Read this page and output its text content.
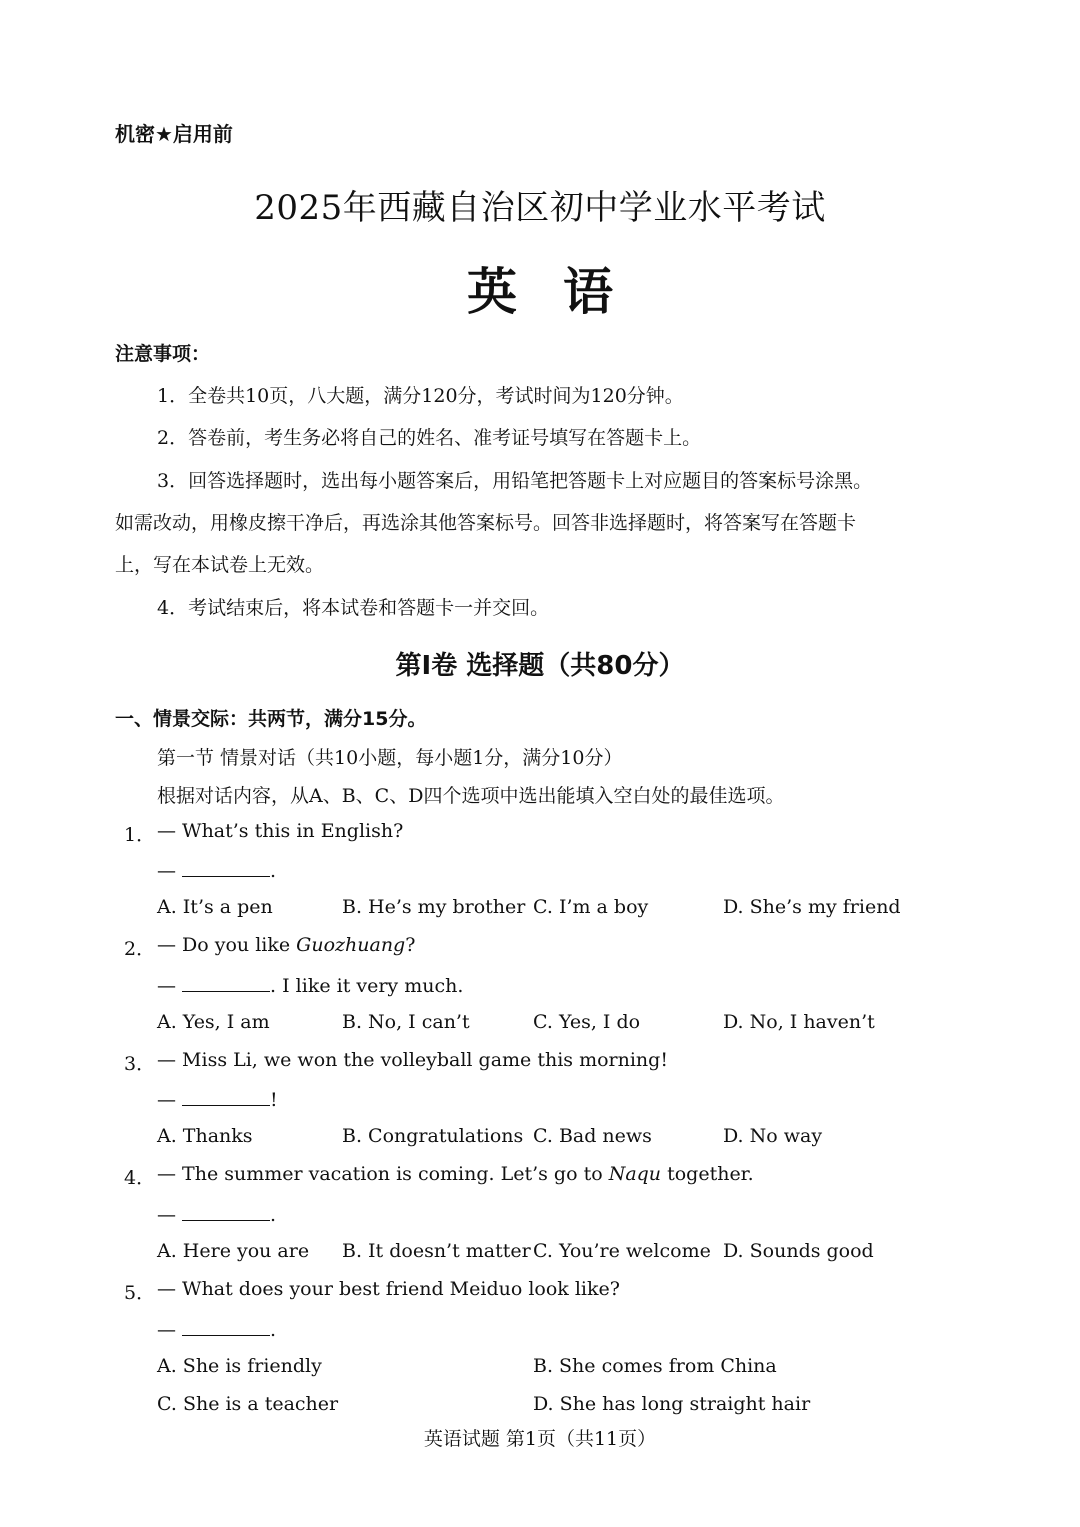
机密★启用前
2025年西藏自治区初中学业水平考试
英语
注意事项：
1．全卷共10页，八大题，满分120分，考试时间为120分钟。
2．答卷前，考生务必将自己的姓名、准考证号填写在答题卡上。
3．回答选择题时，选出每小题答案后，用铅笔把答题卡上对应题目的答案标号涂黑。
如需改动，用橡皮擦干净后，再选涂其他答案标号。回答非选择题时，将答案写在答题卡
上，写在本试卷上无效。
4．考试结束后，将本试卷和答题卡一并交回。
第Ⅰ卷 选择题（共80分）
一、情景交际：共两节，满分15分。
第一节 情景对话（共10小题，每小题1分，满分10分）
根据对话内容，从A、B、C、D四个选项中选出能填入空白处的最佳选项。
1． — What’s this in English?
—	.
A. It’s a pen	B. He’s my brother C. I’m a boy	D. She’s my friend
2． — Do you like Guozhuang?
—	. I like it very much.
A. Yes, I am	B. No, I can’t	C. Yes, I do	D. No, I haven’t
3． — Miss Li, we won the volleyball game this morning!
—	!
A. Thanks	B. Congratulations C. Bad news	D. No way
4． — The summer vacation is coming. Let’s go to Naqu together.
—	.
A. Here you are B. It doesn’t matter C. You’re welcome D. Sounds good
5． — What does your best friend Meiduo look like?
—	.
A. She is friendly	B. She comes from China
C. She is a teacher	D. She has long straight hair
英语试题 第1页（共11页）
